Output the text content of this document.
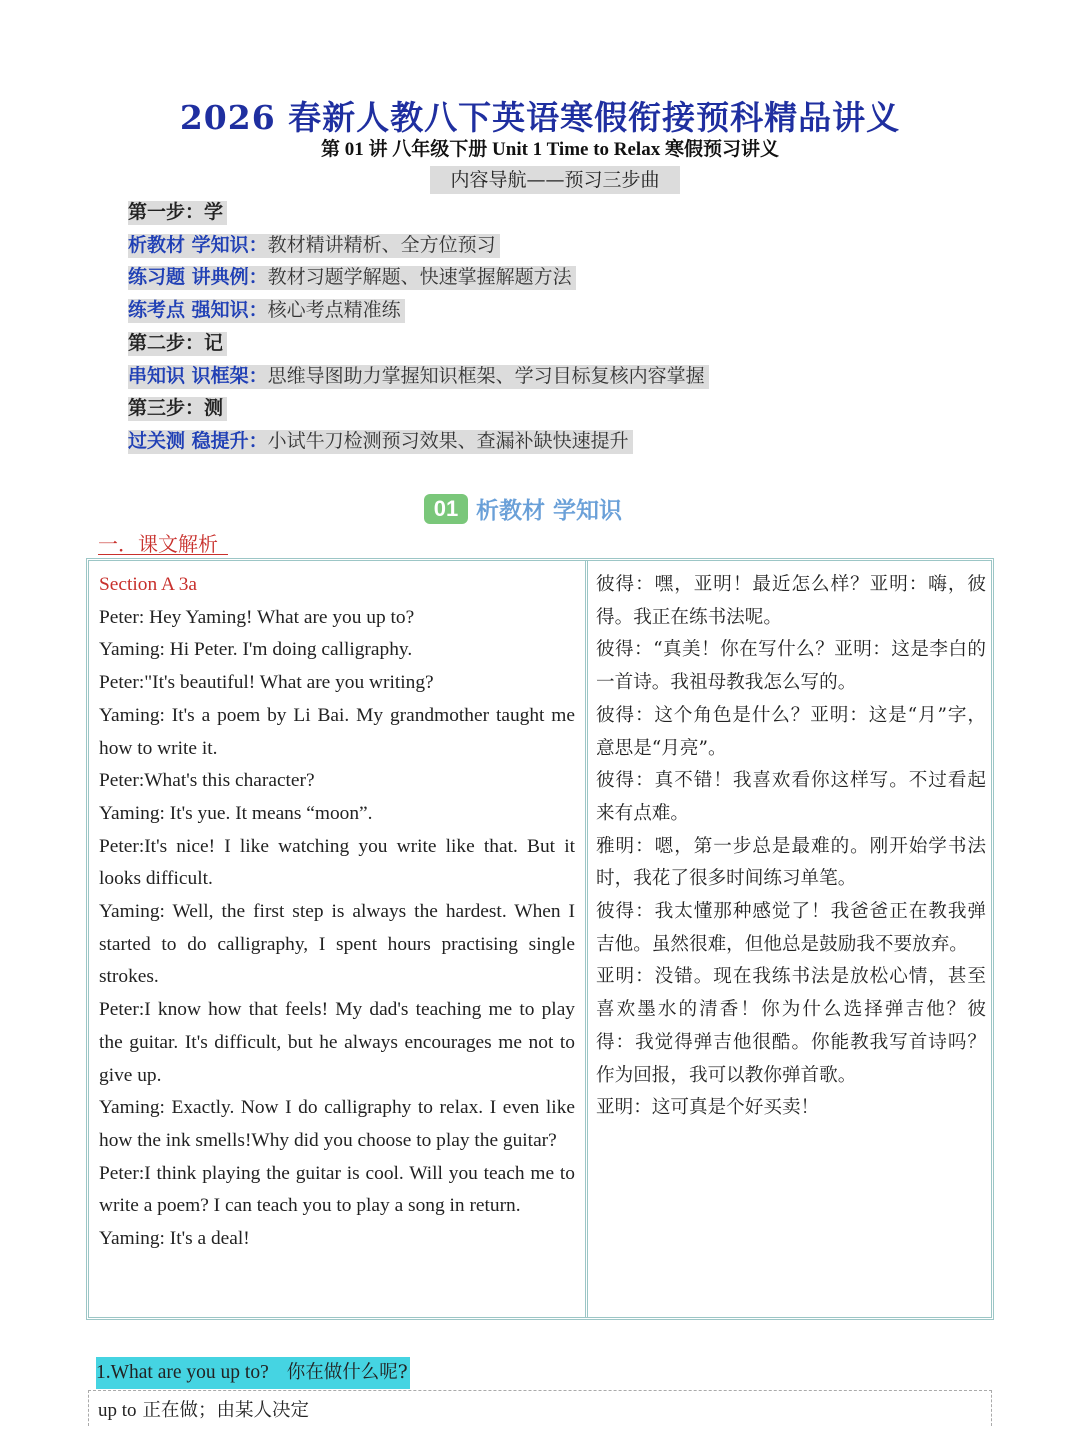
2026 春新人教八下英语寒假衔接预科精品讲义
第 01 讲 八年级下册 Unit 1 Time to Relax 寒假预习讲义
内容导航——预习三步曲
第一步：学
析教材 学知识：教材精讲精析、全方位预习
练习题 讲典例：教材习题学解题、快速掌握解题方法
练考点 强知识：核心考点精准练
第二步：记
串知识 识框架：思维导图助力掌握知识框架、学习目标复核内容掌握
第三步：测
过关测 稳提升：小试牛刀检测预习效果、查漏补缺快速提升
01 析教材 学知识
一．课文解析

Section A 3a

Peter: Hey Yaming! What are you up to?

Yaming: Hi Peter. I'm doing calligraphy.

Peter:"It's beautiful! What are you writing?

Yaming: It's a poem by Li Bai. My grandmother taught me how to write it.

Peter:What's this character?

Yaming: It's yue. It means “moon”.

Peter:It's nice! I like watching you write like that. But it looks difficult.

Yaming: Well, the first step is always the hardest. When I started to do calligraphy, I spent hours practising single strokes.

Peter:I know how that feels! My dad's teaching me to play the guitar. It's difficult, but he always encourages me not to give up.

Yaming: Exactly. Now I do calligraphy to relax. I even like how the ink smells!Why did you choose to play the guitar?

Peter:I think playing the guitar is cool. Will you teach me to write a poem? I can teach you to play a song in return.

Yaming: It's a deal!

彼得：嘿，亚明！最近怎么样？亚明：嗨，彼得。我正在练书法呢。

彼得：“真美！你在写什么？亚明：这是李白的一首诗。我祖母教我怎么写的。

彼得：这个角色是什么？亚明：这是“月”字，意思是“月亮”。

彼得：真不错！我喜欢看你这样写。不过看起来有点难。

雅明：嗯，第一步总是最难的。刚开始学书法时，我花了很多时间练习单笔。

彼得：我太懂那种感觉了！我爸爸正在教我弹吉他。虽然很难，但他总是鼓励我不要放弃。

亚明：没错。现在我练书法是放松心情，甚至喜欢墨水的清香！你为什么选择弹吉他？彼得：我觉得弹吉他很酷。你能教我写首诗吗？作为回报，我可以教你弹首歌。

亚明：这可真是个好买卖！

1.What are you up to? 你在做什么呢?
up to 正在做；由某人决定
